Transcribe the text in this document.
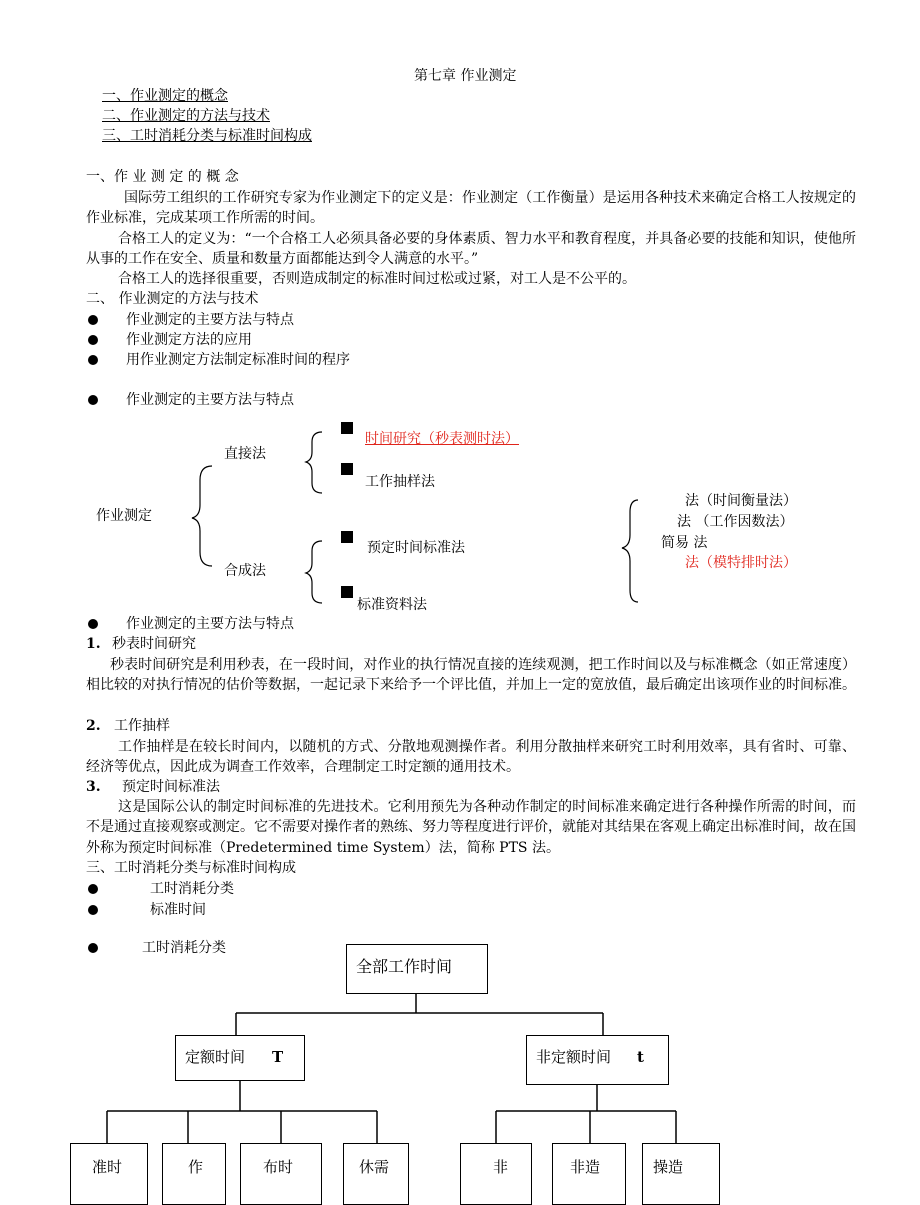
第七章 作业测定
一、作业测定的概念
二、作业测定的方法与技术
三、工时消耗分类与标准时间构成
一、作 业 测 定 的 概 念
国际劳工组织的工作研究专家为作业测定下的定义是：作业测定（工作衡量）是运用各种技术来确定合格工人按规定的作业标准，完成某项工作所需的时间。
合格工人的定义为：“一个合格工人必须具备必要的身体素质、智力水平和教育程度，并具备必要的技能和知识，使他所从事的工作在安全、质量和数量方面都能达到令人满意的水平。”
合格工人的选择很重要，否则造成制定的标准时间过松或过紧，对工人是不公平的。
二、 作业测定的方法与技术
作业测定的主要方法与特点
作业测定方法的应用
用作业测定方法制定标准时间的程序
作业测定的主要方法与特点
作业测定
直接法
合成法
时间研究（秒表测时法）
工作抽样法
预定时间标准法
标准资料法
法（时间衡量法）
法 （工作因数法）
简易 法
法（模特排时法）
作业测定的主要方法与特点
1. 秒表时间研究
秒表时间研究是利用秒表，在一段时间，对作业的执行情况直接的连续观测，把工作时间以及与标准概念（如正常速度）相比较的对执行情况的估价等数据，一起记录下来给予一个评比值，并加上一定的宽放值，最后确定出该项作业的时间标准。
2. 工作抽样
工作抽样是在较长时间内，以随机的方式、分散地观测操作者。利用分散抽样来研究工时利用效率，具有省时、可靠、经济等优点，因此成为调查工作效率，合理制定工时定额的通用技术。
3. 预定时间标准法
这是国际公认的制定时间标准的先进技术。它利用预先为各种动作制定的时间标准来确定进行各种操作所需的时间，而不是通过直接观察或测定。它不需要对操作者的熟练、努力等程度进行评价，就能对其结果在客观上确定出标准时间，故在国外称为预定时间标准（Predetermined time System）法，简称 PTS 法。
三、工时消耗分类与标准时间构成
工时消耗分类
标准时间
工时消耗分类
全部工作时间
定额时间 T	非定额时间 t
准时	作	布时	休需	非	非造	操造
